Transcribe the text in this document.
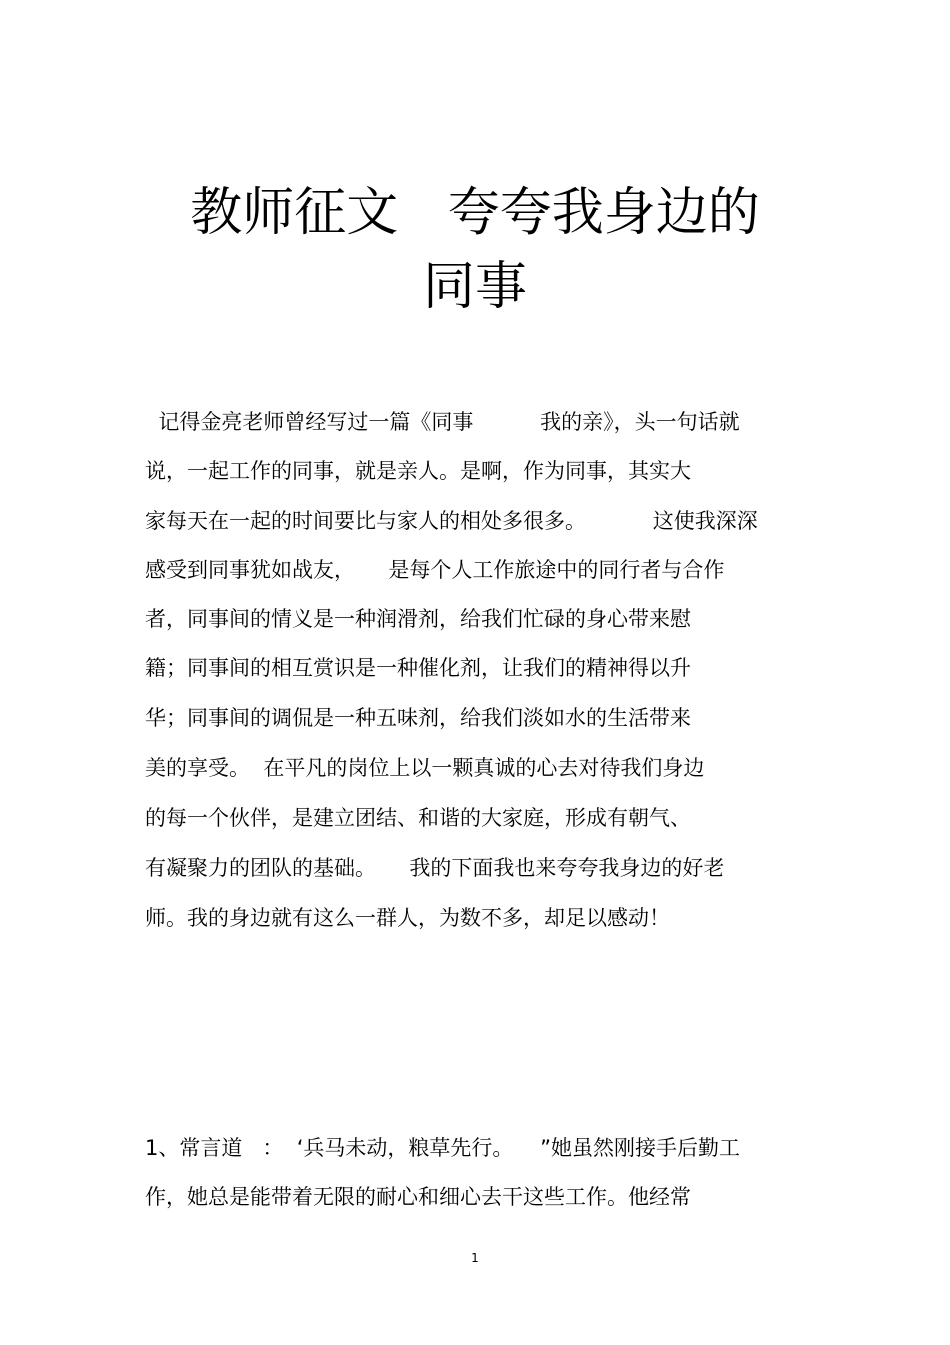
教师征文   夸夸我身边的
同事
记得金亮老师曾经写过一篇《同事          我的亲》，头一句话就
说，一起工作的同事，就是亲人。是啊，作为同事，其实大
家每天在一起的时间要比与家人的相处多很多。          这使我深深
感受到同事犹如战友，     是每个人工作旅途中的同行者与合作
者，同事间的情义是一种润滑剂，给我们忙碌的身心带来慰
籍；同事间的相互赏识是一种催化剂，让我们的精神得以升
华；同事间的调侃是一种五味剂，给我们淡如水的生活带来
美的享受。  在平凡的岗位上以一颗真诚的心去对待我们身边
的每一个伙伴，是建立团结、和谐的大家庭，形成有朝气、
有凝聚力的团队的基础。     我的下面我也来夸夸我身边的好老
师。我的身边就有这么一群人，为数不多，却足以感动！
1、常言道   ：  ‘兵马未动，粮草先行。    ”她虽然刚接手后勤工
作，她总是能带着无限的耐心和细心去干这些工作。他经常
1
